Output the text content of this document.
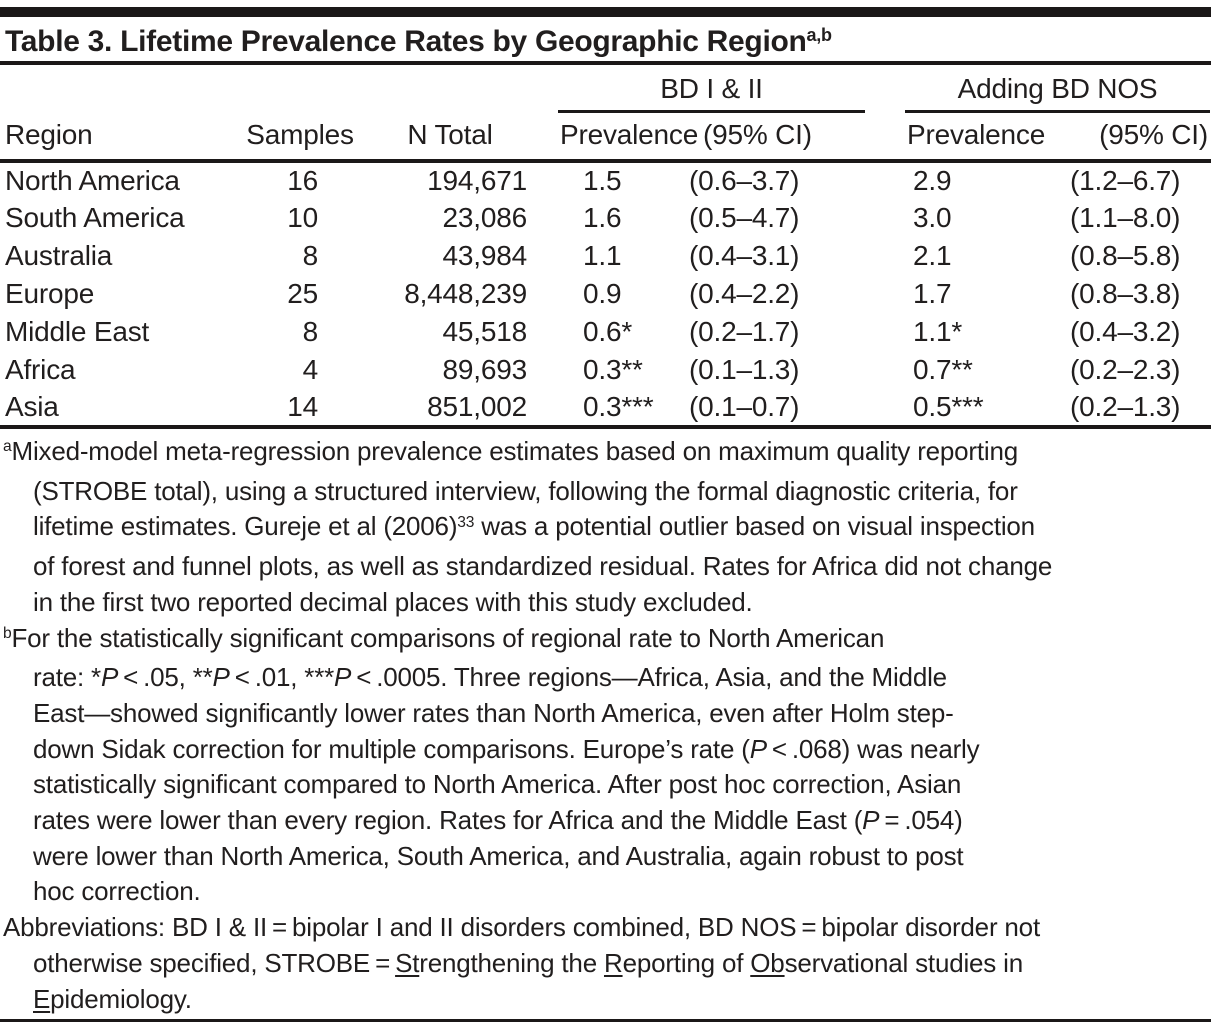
Table 3. Lifetime Prevalence Rates by Geographic Region$^{a,b}$
Region	Samples	N Total	BD I & II		Adding BD NOS	

			Prevalence	(95% CI)	Prevalence	(95% CI)
North America	16	194,671	1.5	(0.6–3.7)	2.9	(1.2–6.7)
South America	10	23,086	1.6	(0.5–4.7)	3.0	(1.1–8.0)
Australia	8	43,984	1.1	(0.4–3.1)	2.1	(0.8–5.8)
Europe	25	8,448,239	0.9	(0.4–2.2)	1.7	(0.8–3.8)
Middle East	8	45,518	0.6*	(0.2–1.7)	1.1*	(0.4–3.2)
Africa	4	89,693	0.3**	(0.1–1.3)	0.7**	(0.2–2.3)
Asia	14	851,002	0.3***	(0.1–0.7)	0.5***	(0.2–1.3)
$^a$Mixed-model meta-regression prevalence estimates based on maximum quality reporting
(STROBE total), using a structured interview, following the formal diagnostic criteria, for
lifetime estimates. Gureje et al $(2006)^{33}$ was a potential outlier based on visual inspection
of forest and funnel plots, as well as standardized residual. Rates for Africa did not change
in the first two reported decimal places with this study excluded.
$^b$For the statistically significant comparisons of regional rate to North American
rate: *P < .05, **P < .01, ***P < .0005. Three regions—Africa, Asia, and the Middle
East—showed significantly lower rates than North America, even after Holm step-
down Sidak correction for multiple comparisons. Europe’s rate (P < .068) was nearly
statistically significant compared to North America. After post hoc correction, Asian
rates were lower than every region. Rates for Africa and the Middle East (P = .054)
were lower than North America, South America, and Australia, again robust to post
hoc correction.
Abbreviations: BD I & II = bipolar I and II disorders combined, BD NOS = bipolar disorder not
otherwise specified, STROBE = Strengthening the Reporting of Observational studies in
Epidemiology.
